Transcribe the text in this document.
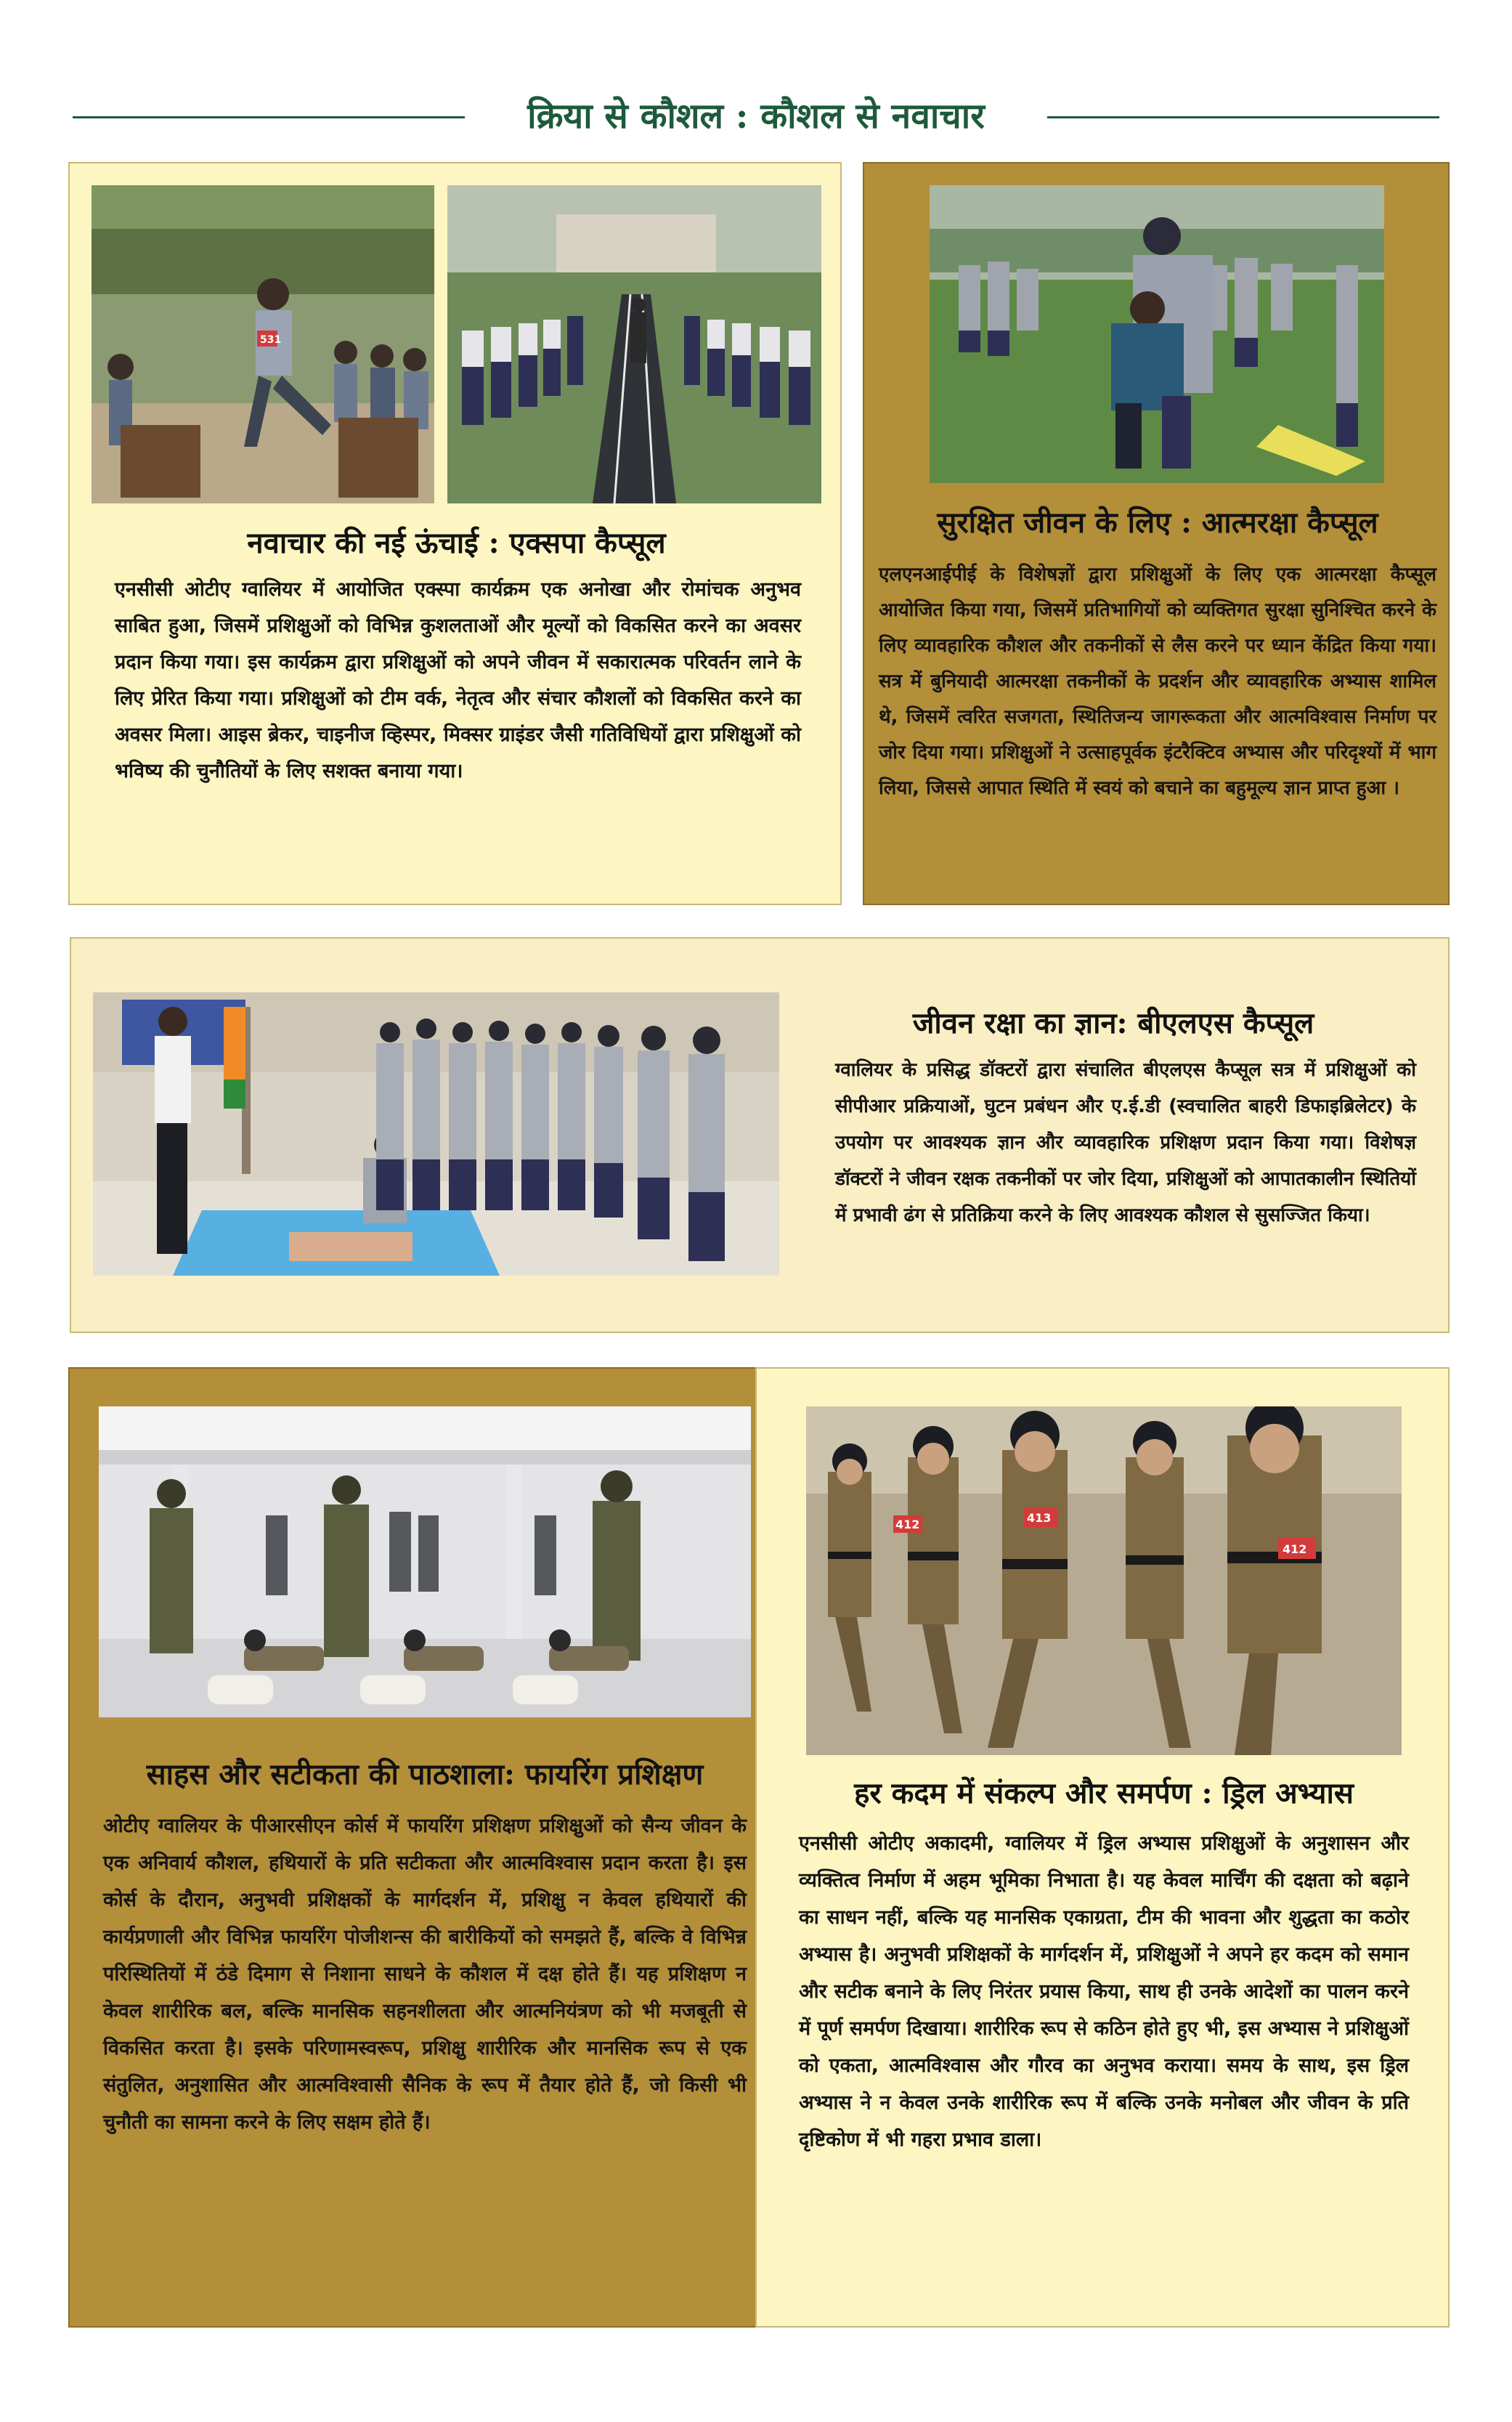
क्रिया से कौशल : कौशल से नवाचार
531
नवाचार की नई ऊंचाई : एक्सपा कैप्सूल

एनसीसी ओटीए ग्वालियर में आयोजित एक्स्पा कार्यक्रम एक अनोखा और रोमांचक अनुभव साबित हुआ, जिसमें प्रशिक्षुओं को विभिन्न कुशलताओं और मूल्यों को विकसित करने का अवसर प्रदान किया गया। इस कार्यक्रम द्वारा प्रशिक्षुओं को अपने जीवन में सकारात्मक परिवर्तन लाने के लिए प्रेरित किया गया। प्रशिक्षुओं को टीम वर्क, नेतृत्व और संचार कौशलों को विकसित करने का अवसर मिला। आइस ब्रेकर, चाइनीज व्हिस्पर, मिक्सर ग्राइंडर जैसी गतिविधियों द्वारा प्रशिक्षुओं को भविष्य की चुनौतियों के लिए सशक्त बनाया गया।

सुरक्षित जीवन के लिए : आत्मरक्षा कैप्सूल

एलएनआईपीई के विशेषज्ञों द्वारा प्रशिक्षुओं के लिए एक आत्मरक्षा कैप्सूल आयोजित किया गया, जिसमें प्रतिभागियों को व्यक्तिगत सुरक्षा सुनिश्चित करने के लिए व्यावहारिक कौशल और तकनीकों से लैस करने पर ध्यान केंद्रित किया गया। सत्र में बुनियादी आत्मरक्षा तकनीकों के प्रदर्शन और व्यावहारिक अभ्यास शामिल थे, जिसमें त्वरित सजगता, स्थितिजन्य जागरूकता और आत्मविश्वास निर्माण पर जोर दिया गया। प्रशिक्षुओं ने उत्साहपूर्वक इंटरैक्टिव अभ्यास और परिदृश्यों में भाग लिया, जिससे आपात स्थिति में स्वयं को बचाने का बहुमूल्य ज्ञान प्राप्त हुआ ।

जीवन रक्षा का ज्ञान: बीएलएस कैप्सूल

ग्वालियर के प्रसिद्ध डॉक्टरों द्वारा संचालित बीएलएस कैप्सूल सत्र में प्रशिक्षुओं को सीपीआर प्रक्रियाओं, घुटन प्रबंधन और ए.ई.डी (स्वचालित बाहरी डिफाइब्रिलेटर) के उपयोग पर आवश्यक ज्ञान और व्यावहारिक प्रशिक्षण प्रदान किया गया। विशेषज्ञ डॉक्टरों ने जीवन रक्षक तकनीकों पर जोर दिया, प्रशिक्षुओं को आपातकालीन स्थितियों में प्रभावी ढंग से प्रतिक्रिया करने के लिए आवश्यक कौशल से सुसज्जित किया।

साहस और सटीकता की पाठशाला: फायरिंग प्रशिक्षण

ओटीए ग्वालियर के पीआरसीएन कोर्स में फायरिंग प्रशिक्षण प्रशिक्षुओं को सैन्य जीवन के एक अनिवार्य कौशल, हथियारों के प्रति सटीकता और आत्मविश्वास प्रदान करता है। इस कोर्स के दौरान, अनुभवी प्रशिक्षकों के मार्गदर्शन में, प्रशिक्षु न केवल हथियारों की कार्यप्रणाली और विभिन्न फायरिंग पोजीशन्स की बारीकियों को समझते हैं, बल्कि वे विभिन्न परिस्थितियों में ठंडे दिमाग से निशाना साधने के कौशल में दक्ष होते हैं। यह प्रशिक्षण न केवल शारीरिक बल, बल्कि मानसिक सहनशीलता और आत्मनियंत्रण को भी मजबूती से विकसित करता है। इसके परिणामस्वरूप, प्रशिक्षु शारीरिक और मानसिक रूप से एक संतुलित, अनुशासित और आत्मविश्वासी सैनिक के रूप में तैयार होते हैं, जो किसी भी चुनौती का सामना करने के लिए सक्षम होते हैं।

412	413
412
हर कदम में संकल्प और समर्पण : ड्रिल अभ्यास

एनसीसी ओटीए अकादमी, ग्वालियर में ड्रिल अभ्यास प्रशिक्षुओं के अनुशासन और व्यक्तित्व निर्माण में अहम भूमिका निभाता है। यह केवल मार्चिंग की दक्षता को बढ़ाने का साधन नहीं, बल्कि यह मानसिक एकाग्रता, टीम की भावना और शुद्धता का कठोर अभ्यास है। अनुभवी प्रशिक्षकों के मार्गदर्शन में, प्रशिक्षुओं ने अपने हर कदम को समान और सटीक बनाने के लिए निरंतर प्रयास किया, साथ ही उनके आदेशों का पालन करने में पूर्ण समर्पण दिखाया। शारीरिक रूप से कठिन होते हुए भी, इस अभ्यास ने प्रशिक्षुओं को एकता, आत्मविश्वास और गौरव का अनुभव कराया। समय के साथ, इस ड्रिल अभ्यास ने न केवल उनके शारीरिक रूप में बल्कि उनके मनोबल और जीवन के प्रति दृष्टिकोण में भी गहरा प्रभाव डाला।
